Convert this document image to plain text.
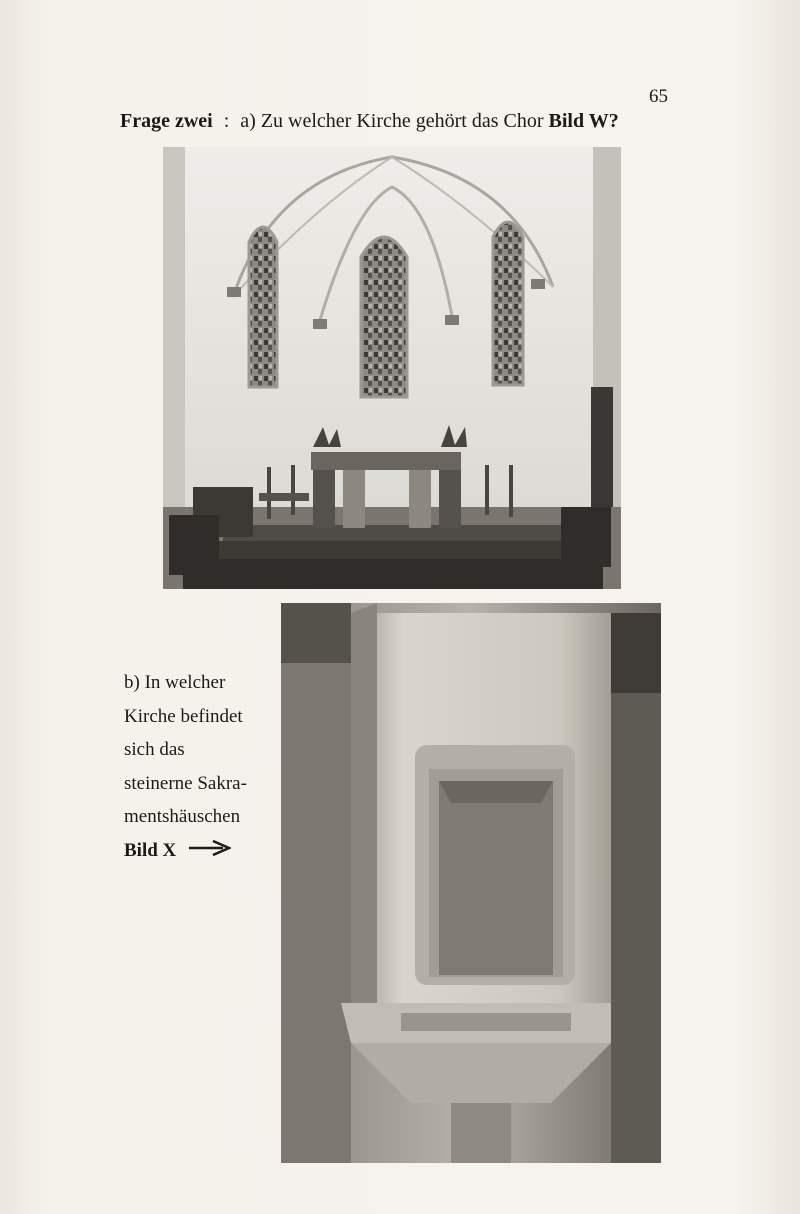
65
Frage zwei : a) Zu welcher Kirche gehört das Chor Bild W?
b) In welcher
Kirche befindet
sich das
steinerne Sakra-
mentshäuschen
Bild X
